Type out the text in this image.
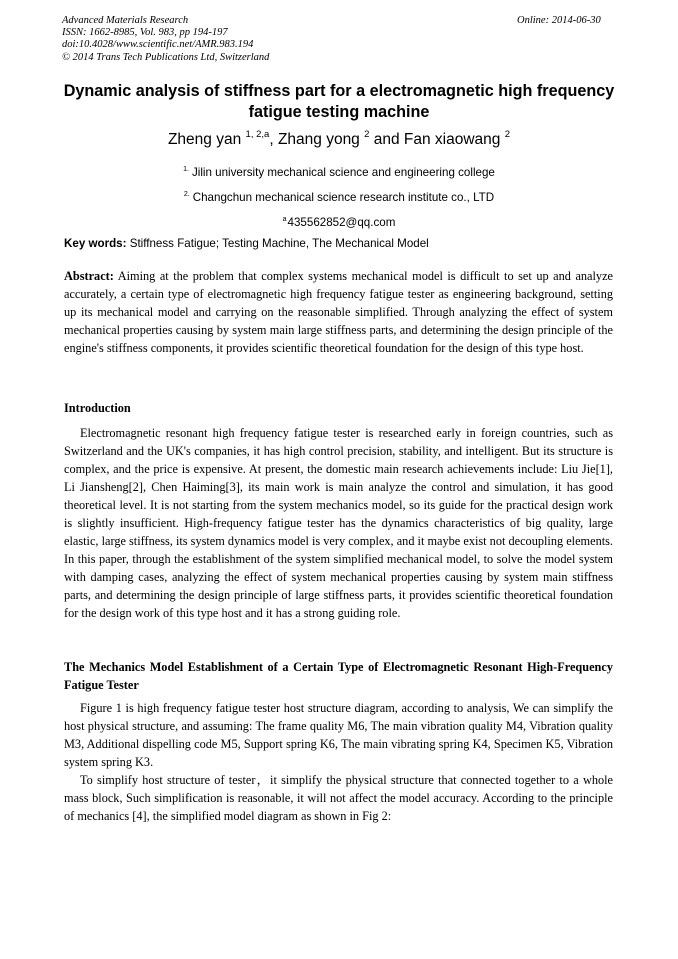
Advanced Materials Research
ISSN: 1662-8985, Vol. 983, pp 194-197
doi:10.4028/www.scientific.net/AMR.983.194
© 2014 Trans Tech Publications Ltd, Switzerland
Online: 2014-06-30
Dynamic analysis of stiffness part for a electromagnetic high frequency fatigue testing machine
Zheng yan $^{1, 2,a}$, Zhang yong $^2$ and Fan xiaowang $^2$
$^{1.}$ Jilin university mechanical science and engineering college
$^{2.}$ Changchun mechanical science research institute co., LTD
$^a$435562852@qq.com
Key words: Stiffness Fatigue; Testing Machine, The Mechanical Model
Abstract: Aiming at the problem that complex systems mechanical model is difficult to set up and analyze accurately, a certain type of electromagnetic high frequency fatigue tester as engineering background, setting up its mechanical model and carrying on the reasonable simplified. Through analyzing the effect of system mechanical properties causing by system main large stiffness parts, and determining the design principle of the engine's stiffness components, it provides scientific theoretical foundation for the design of this type host.
Introduction
Electromagnetic resonant high frequency fatigue tester is researched early in foreign countries, such as Switzerland and the UK's companies, it has high control precision, stability, and intelligent. But its structure is complex, and the price is expensive. At present, the domestic main research achievements include: Liu Jie[1], Li Jiansheng[2], Chen Haiming[3], its main work is main analyze the control and simulation, it has good theoretical level. It is not starting from the system mechanics model, so its guide for the practical design work is slightly insufficient. High-frequency fatigue tester has the dynamics characteristics of big quality, large elastic, large stiffness, its system dynamics model is very complex, and it maybe exist not decoupling elements. In this paper, through the establishment of the system simplified mechanical model, to solve the model system with damping cases, analyzing the effect of system mechanical properties causing by system main stiffness parts, and determining the design principle of large stiffness parts, it provides scientific theoretical foundation for the design work of this type host and it has a strong guiding role.
The Mechanics Model Establishment of a Certain Type of Electromagnetic Resonant High-Frequency Fatigue Tester
Figure 1 is high frequency fatigue tester host structure diagram, according to analysis, We can simplify the host physical structure, and assuming: The frame quality M6, The main vibration quality M4, Vibration quality M3, Additional dispelling code M5, Support spring K6, The main vibrating spring K4, Specimen K5, Vibration system spring K3.
To simplify host structure of tester，it simplify the physical structure that connected together to a whole mass block, Such simplification is reasonable, it will not affect the model accuracy. According to the principle of mechanics [4], the simplified model diagram as shown in Fig 2:
